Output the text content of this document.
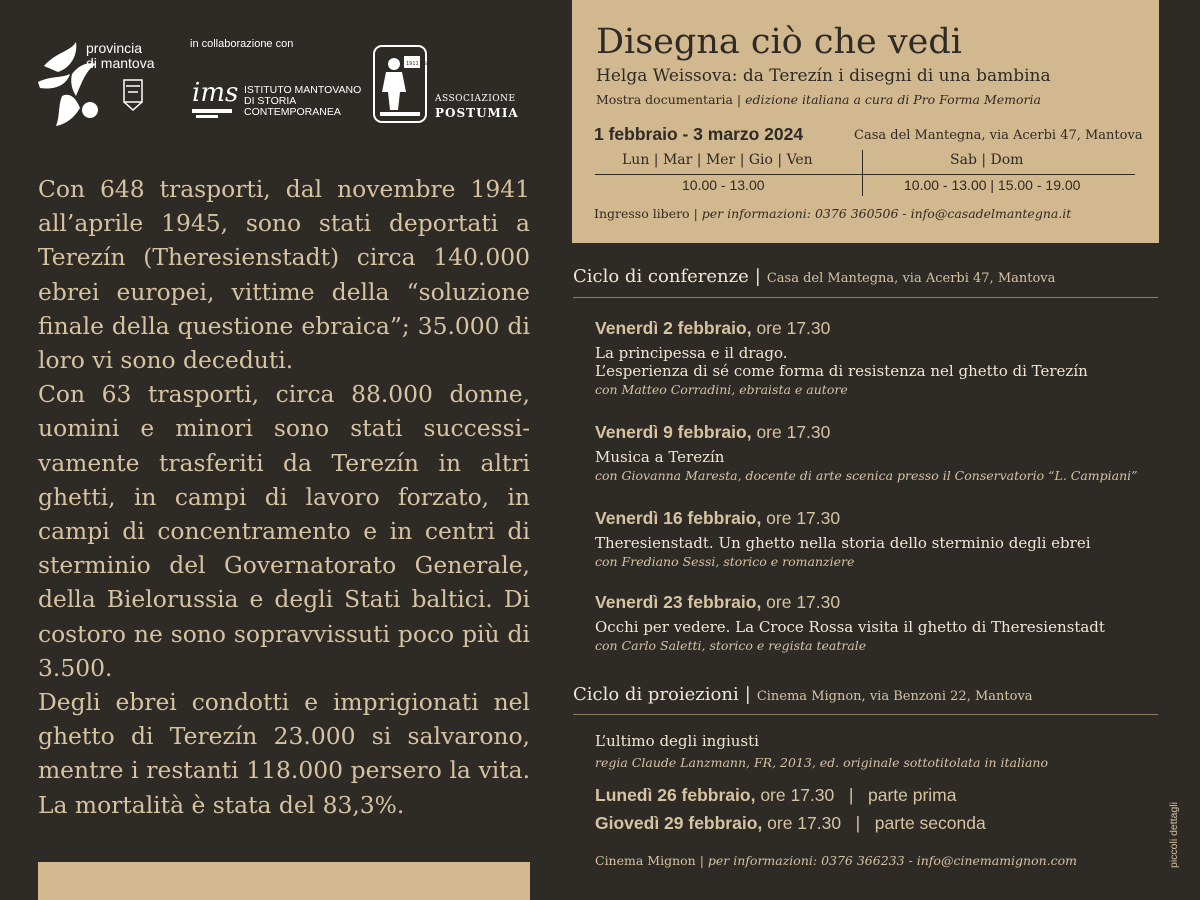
provincia
di mantova
in collaborazione con
ims ISTITUTO MANTOVANO
DI STORIA
CONTEMPORANEA
1911 ASSOCIAZIONE
ASSOCIAZIONE
POSTUMIA

Con 648 trasporti, dal novembre 1941 all’aprile 1945, sono stati deportati a Terezín (Theresienstadt) circa 140.000 ebrei europei, vittime della “soluzione finale della questione ebraica”; 35.000 di loro vi sono deceduti.

Con 63 trasporti, circa 88.000 donne, uomini e minori sono stati successivamente trasferiti da Terezín in altri ghetti, in campi di lavoro forzato, in campi di concentramento e in centri di sterminio del Governatorato Generale, della Bielorussia e degli Stati baltici. Di costoro ne sono sopravvissuti poco più di 3.500.

Degli ebrei condotti e imprigionati nel ghetto di Terezín 23.000 si salvarono, mentre i restanti 118.000 persero la vita. La mortalità è stata del 83,3%.

Disegna ciò che vedi
Helga Weissova: da Terezín i disegni di una bambina
Mostra documentaria | edizione italiana a cura di Pro Forma Memoria
1 febbraio - 3 marzo 2024	Casa del Mantegna, via Acerbi 47, Mantova
Lun | Mar | Mer | Gio | Ven	Sab | Dom
10.00 - 13.00	10.00 - 13.00 | 15.00 - 19.00
Ingresso libero | per informazioni: 0376 360506 - info@casadelmantegna.it
Ciclo di conferenze | Casa del Mantegna, via Acerbi 47, Mantova
Venerdì 2 febbraio, ore 17.30
La principessa e il drago.
L’esperienza di sé come forma di resistenza nel ghetto di Terezín
con Matteo Corradini, ebraista e autore
Venerdì 9 febbraio, ore 17.30
Musica a Terezín
con Giovanna Maresta, docente di arte scenica presso il Conservatorio “L. Campiani”
Venerdì 16 febbraio, ore 17.30
Theresienstadt. Un ghetto nella storia dello sterminio degli ebrei
con Frediano Sessi, storico e romanziere
Venerdì 23 febbraio, ore 17.30
Occhi per vedere. La Croce Rossa visita il ghetto di Theresienstadt
con Carlo Saletti, storico e regista teatrale
Ciclo di proiezioni | Cinema Mignon, via Benzoni 22, Mantova
L’ultimo degli ingiusti
regia Claude Lanzmann, FR, 2013, ed. originale sottotitolata in italiano
Lunedì 26 febbraio, ore 17.30   |   parte prima
Giovedì 29 febbraio, ore 17.30   |   parte seconda
Cinema Mignon | per informazioni: 0376 366233 - info@cinemamignon.com	piccoli dettagli
